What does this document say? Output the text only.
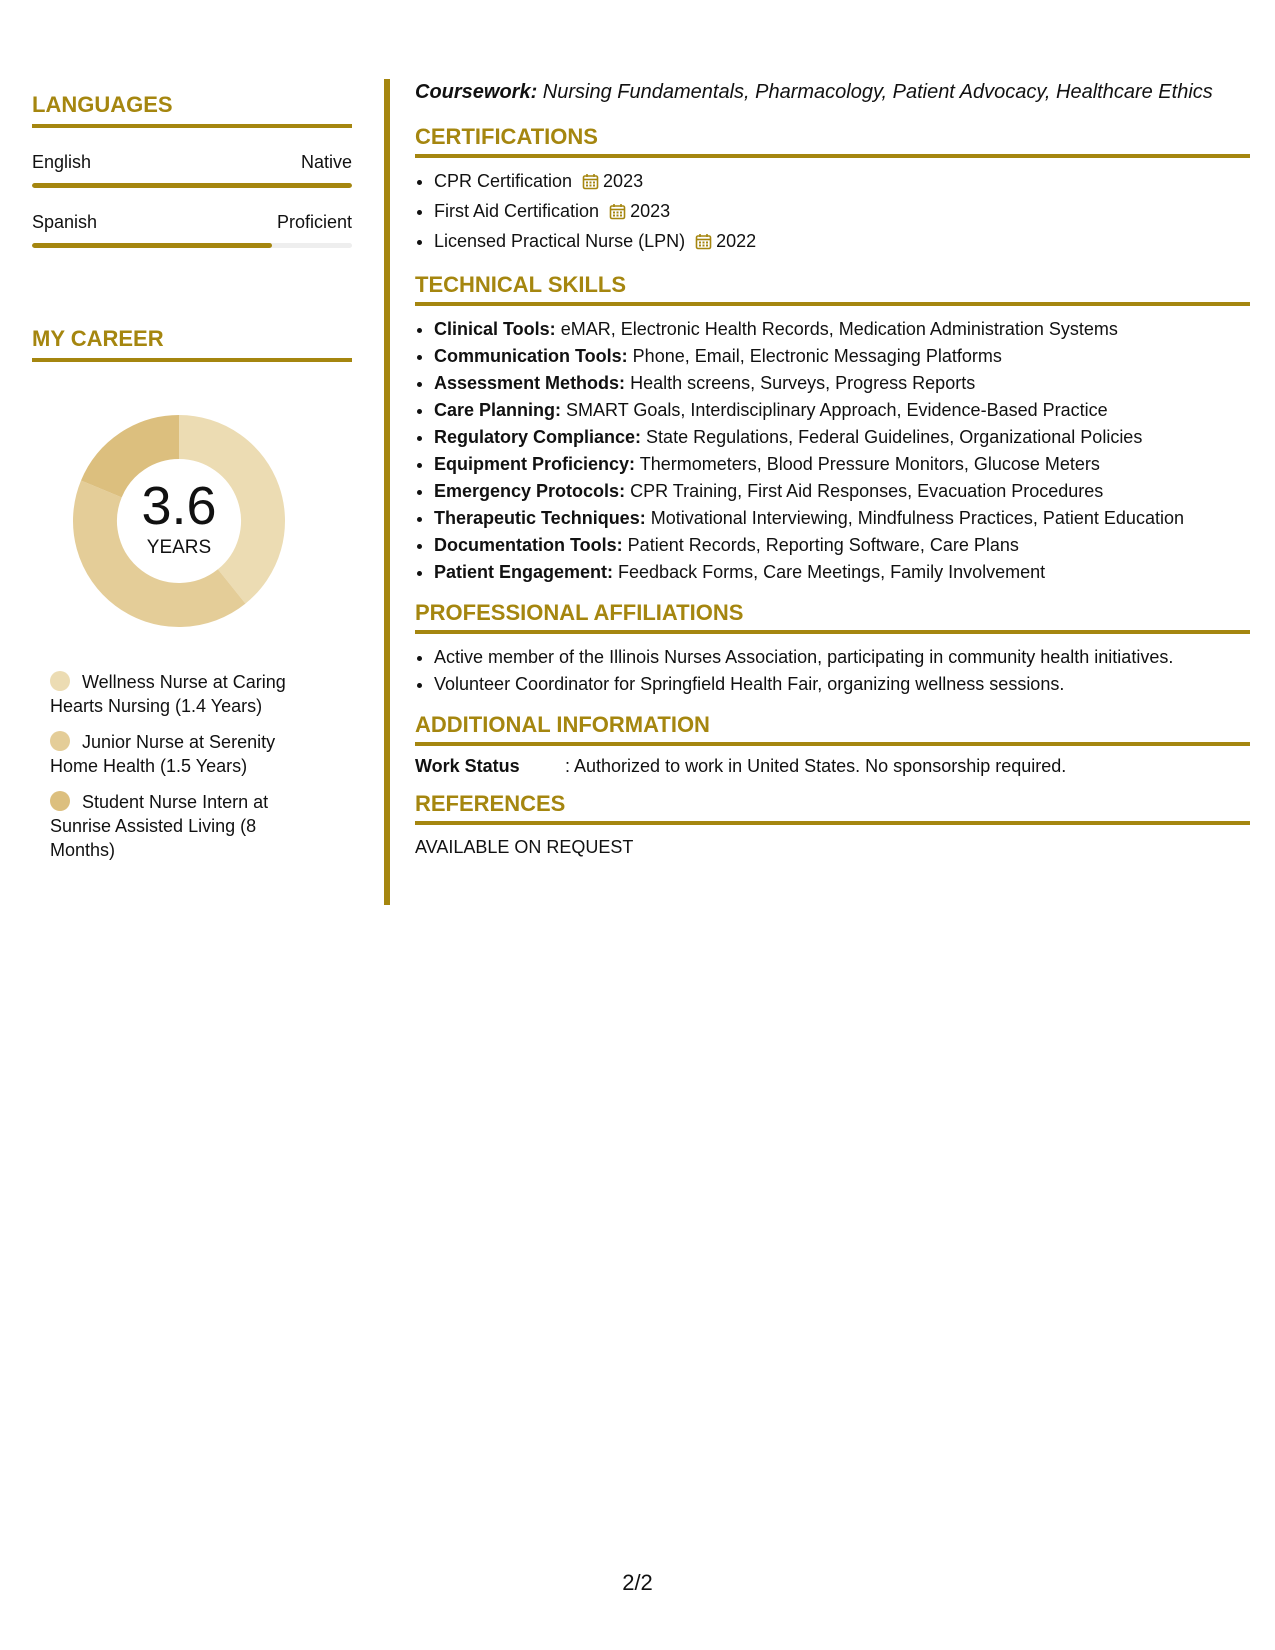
LANGUAGES
English	Native
Spanish	Proficient
MY CAREER
3.6
YEARS
Wellness Nurse at Caring Hearts Nursing (1.4 Years)
Junior Nurse at Serenity Home Health (1.5 Years)
Student Nurse Intern at Sunrise Assisted Living (8 Months)

Coursework: Nursing Fundamentals, Pharmacology, Patient Advocacy, Healthcare Ethics

CERTIFICATIONS
• CPR Certification 2023
• First Aid Certification 2023
• Licensed Practical Nurse (LPN) 2022
TECHNICAL SKILLS
• Clinical Tools: eMAR, Electronic Health Records, Medication Administration Systems
• Communication Tools: Phone, Email, Electronic Messaging Platforms
• Assessment Methods: Health screens, Surveys, Progress Reports
• Care Planning: SMART Goals, Interdisciplinary Approach, Evidence-Based Practice
• Regulatory Compliance: State Regulations, Federal Guidelines, Organizational Policies
• Equipment Proficiency: Thermometers, Blood Pressure Monitors, Glucose Meters
• Emergency Protocols: CPR Training, First Aid Responses, Evacuation Procedures
• Therapeutic Techniques: Motivational Interviewing, Mindfulness Practices, Patient Education
• Documentation Tools: Patient Records, Reporting Software, Care Plans
• Patient Engagement: Feedback Forms, Care Meetings, Family Involvement
PROFESSIONAL AFFILIATIONS
• Active member of the Illinois Nurses Association, participating in community health initiatives.
• Volunteer Coordinator for Springfield Health Fair, organizing wellness sessions.
ADDITIONAL INFORMATION
Work Status	: Authorized to work in United States. No sponsorship required.
REFERENCES
AVAILABLE ON REQUEST
2/2
